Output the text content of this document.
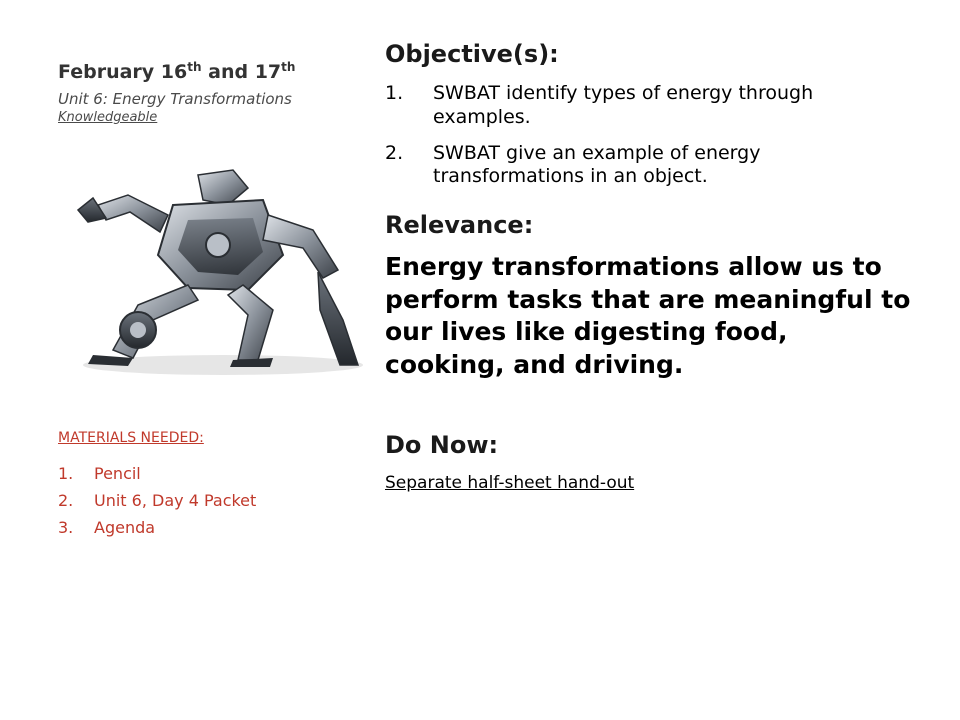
February 16th and 17th
Unit 6: Energy Transformations
Knowledgeable
MATERIALS NEEDED:
1.	Pencil
2.	Unit 6, Day 4 Packet
3.	Agenda
Objective(s):
1.	SWBAT identify types of energy through examples.
2.	SWBAT give an example of energy transformations in an object.
Relevance:
Energy transformations allow us to perform tasks that are meaningful to our lives like digesting food, cooking, and driving.
Do Now:
Separate half-sheet hand-out
